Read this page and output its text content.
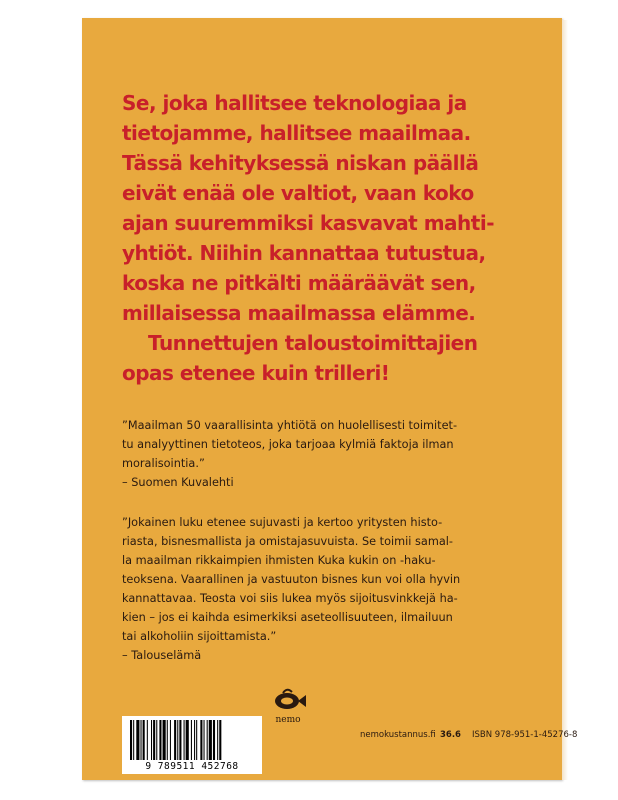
Se, joka hallitsee teknologiaa ja
tietojamme, hallitsee maailmaa.
Tässä kehityksessä niskan päällä
eivät enää ole valtiot, vaan koko
ajan suuremmiksi kasvavat mahti-
yhtiöt. Niihin kannattaa tutustua,
koska ne pitkälti määräävät sen,
millaisessa maailmassa elämme.
Tunnettujen taloustoimittajien
opas etenee kuin trilleri!

”Maailman 50 vaarallisinta yhtiötä on huolellisesti toimitet-
tu analyyttinen tietoteos, joka tarjoaa kylmiä faktoja ilman
moralisointia.”
– Suomen Kuvalehti
”Jokainen luku etenee sujuvasti ja kertoo yritysten histo-
riasta, bisnesmallista ja omistajasuvuista. Se toimii samal-
la maailman rikkaimpien ihmisten Kuka kukin on -haku-
teoksena. Vaarallinen ja vastuuton bisnes kun voi olla hyvin
kannattavaa. Teosta voi siis lukea myös sijoitusvinkkejä ha-
kien – jos ei kaihda esimerkiksi aseteollisuuteen, ilmailuun
tai alkoholiin sijoittamista.”
– Talouselämä
9 789511 452768
nemo
nemokustannus.fi 36.6 ISBN 978-951-1-45276-8
